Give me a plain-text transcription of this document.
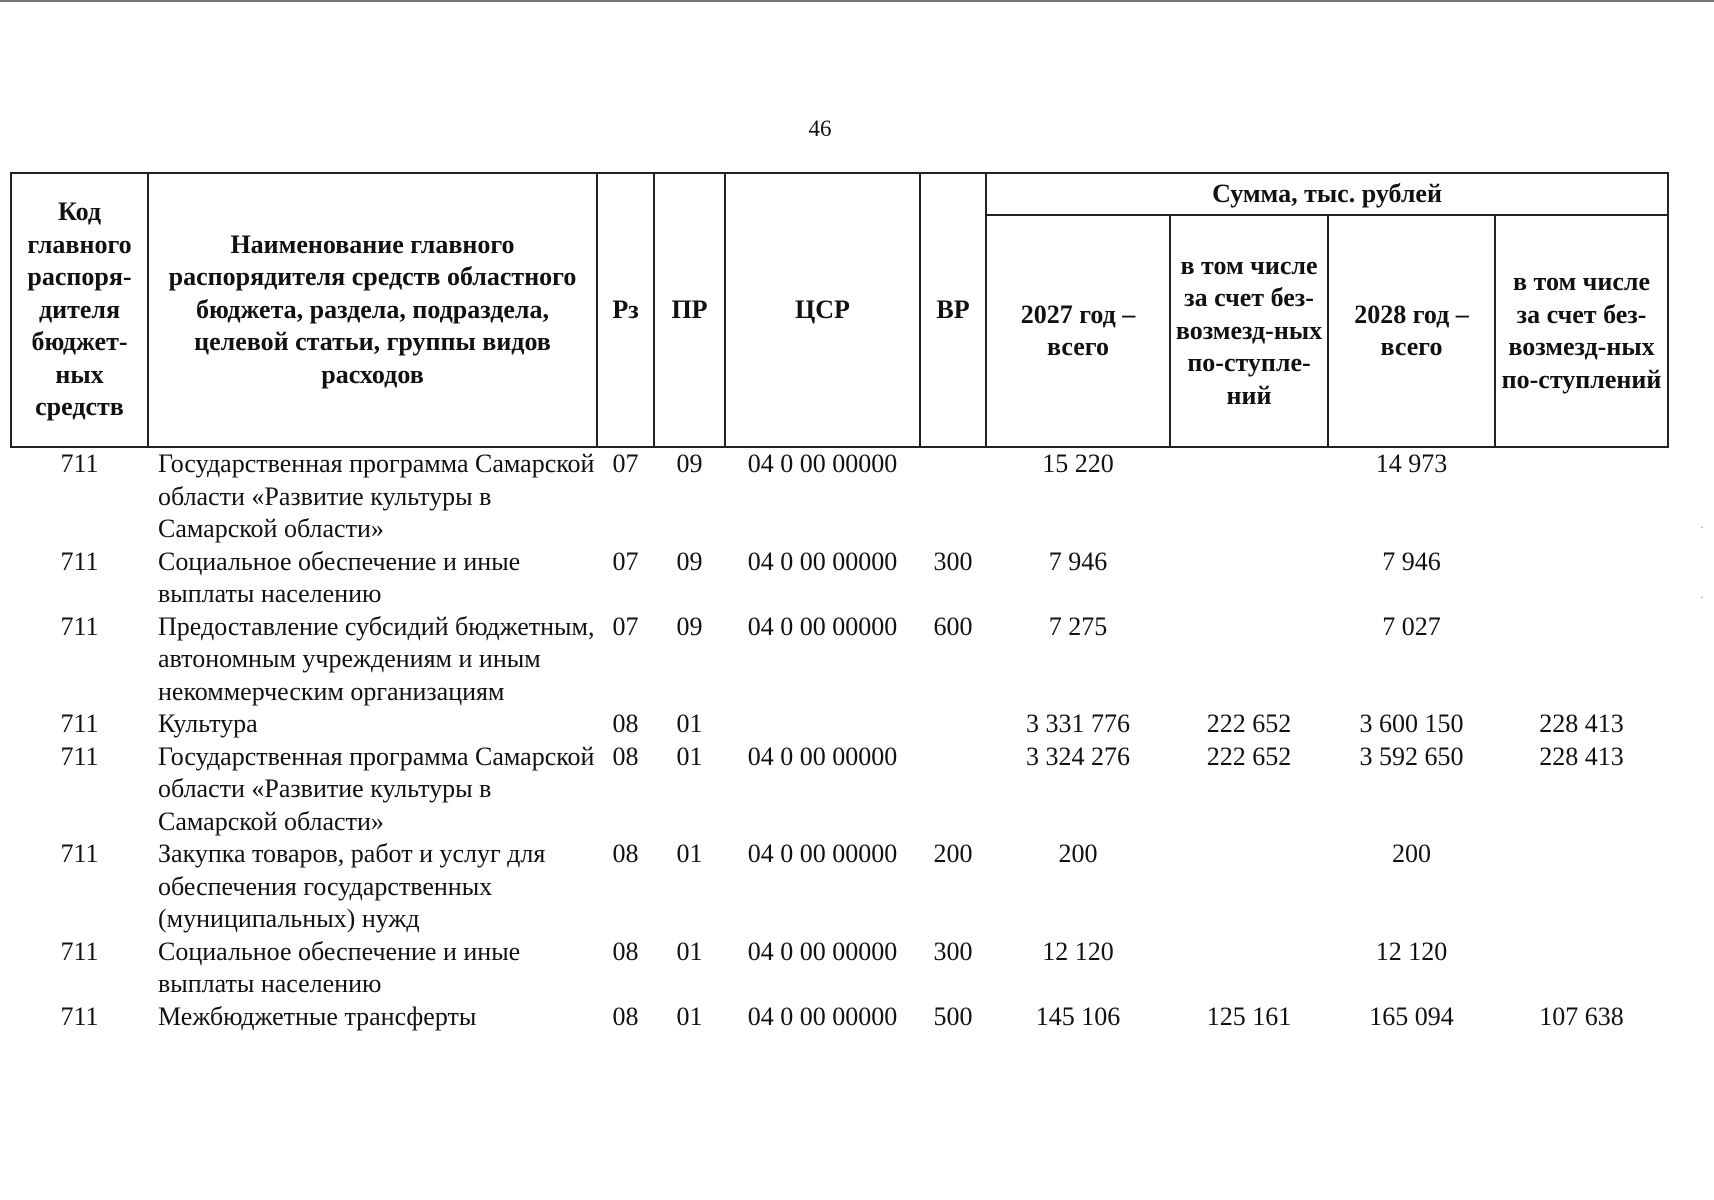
46
Код главного распоря-дителя бюджет-ных средств	Наименование главного распорядителя средств областного бюджета, раздела, подраздела, целевой статьи, группы видов расходов	Рз	ПР	ЦСР	ВР	Сумма, тыс. рублей			
						2027 год – всего	в том числе за счет без-возмезд-ных по-ступле-ний	2028 год – всего	в том числе за счет без-возмезд-ных по-ступлений
711	Государственная программа Самарской области «Развитие культуры в Самарской области»	07	09	04 0 00 00000		15 220		14 973	
711	Социальное обеспечение и иные выплаты населению	07	09	04 0 00 00000	300	7 946		7 946	
711	Предоставление субсидий бюджетным, автономным учреждениям и иным некоммерческим организациям	07	09	04 0 00 00000	600	7 275		7 027	
711	Культура	08	01			3 331 776	222 652	3 600 150	228 413
711	Государственная программа Самарской области «Развитие культуры в Самарской области»	08	01	04 0 00 00000		3 324 276	222 652	3 592 650	228 413
711	Закупка товаров, работ и услуг для обеспечения государственных (муниципальных) нужд	08	01	04 0 00 00000	200	200		200	
711	Социальное обеспечение и иные выплаты населению	08	01	04 0 00 00000	300	12 120		12 120	
711	Межбюджетные трансферты	08	01	04 0 00 00000	500	145 106	125 161	165 094	107 638
·
·
